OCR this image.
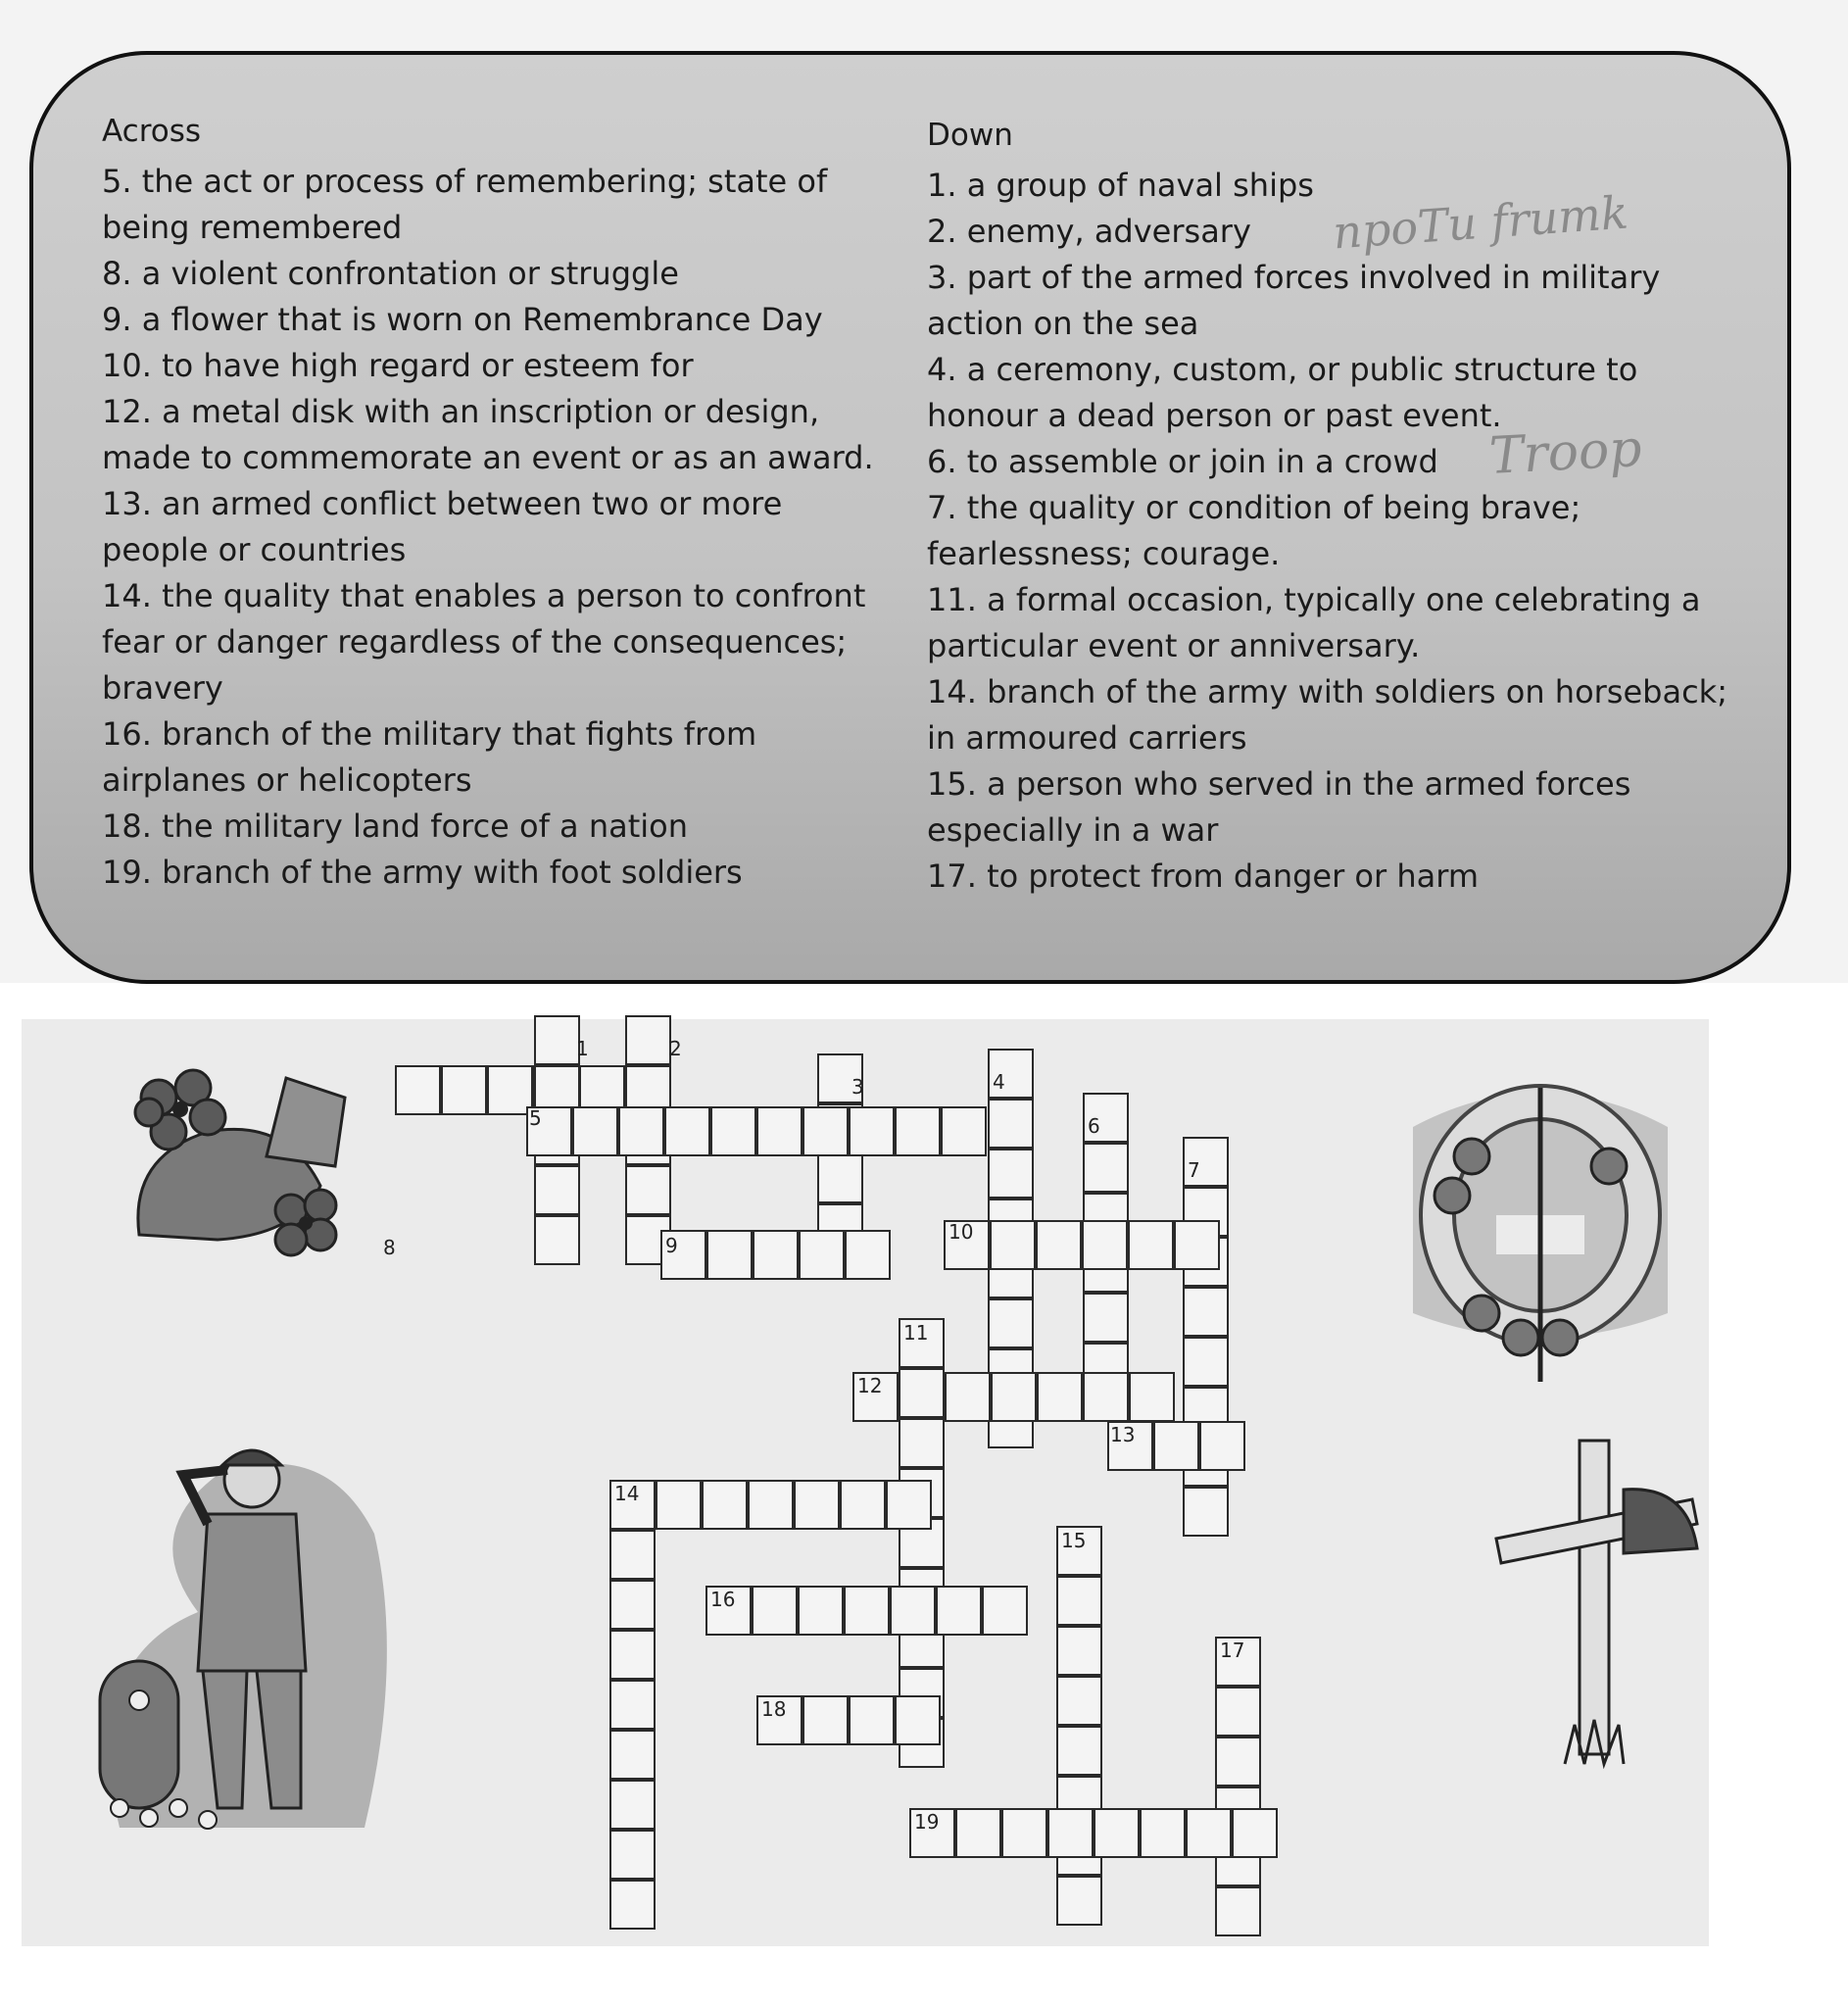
Across

5. the act or process of remembering; state of being remembered

8. a violent confrontation or struggle

9. a flower that is worn on Remembrance Day

10. to have high regard or esteem for

12. a metal disk with an inscription or design, made to commemorate an event or as an award.

13. an armed conflict between two or more people or countries

14. the quality that enables a person to confront fear or danger regardless of the consequences; bravery

16. branch of the military that fights from airplanes or helicopters

18. the military land force of a nation

19. branch of the army with foot soldiers

Down

1. a group of naval ships

2. enemy, adversary

3. part of the armed forces involved in military action on the sea

4. a ceremony, custom, or public structure to honour a dead person or past event.

6. to assemble or join in a crowd

7. the quality or condition of being brave; fearlessness; courage.

11. a formal occasion, typically one celebrating a particular event or anniversary.

14. branch of the army with soldiers on horseback; in armoured carriers

15. a person who served in the armed forces especially in a war

17. to protect from danger or harm

npoTu frumk
Troop
1	2
3	4
5	6
7
8	9
10
11
12
13
14
15
16
17
18
19
